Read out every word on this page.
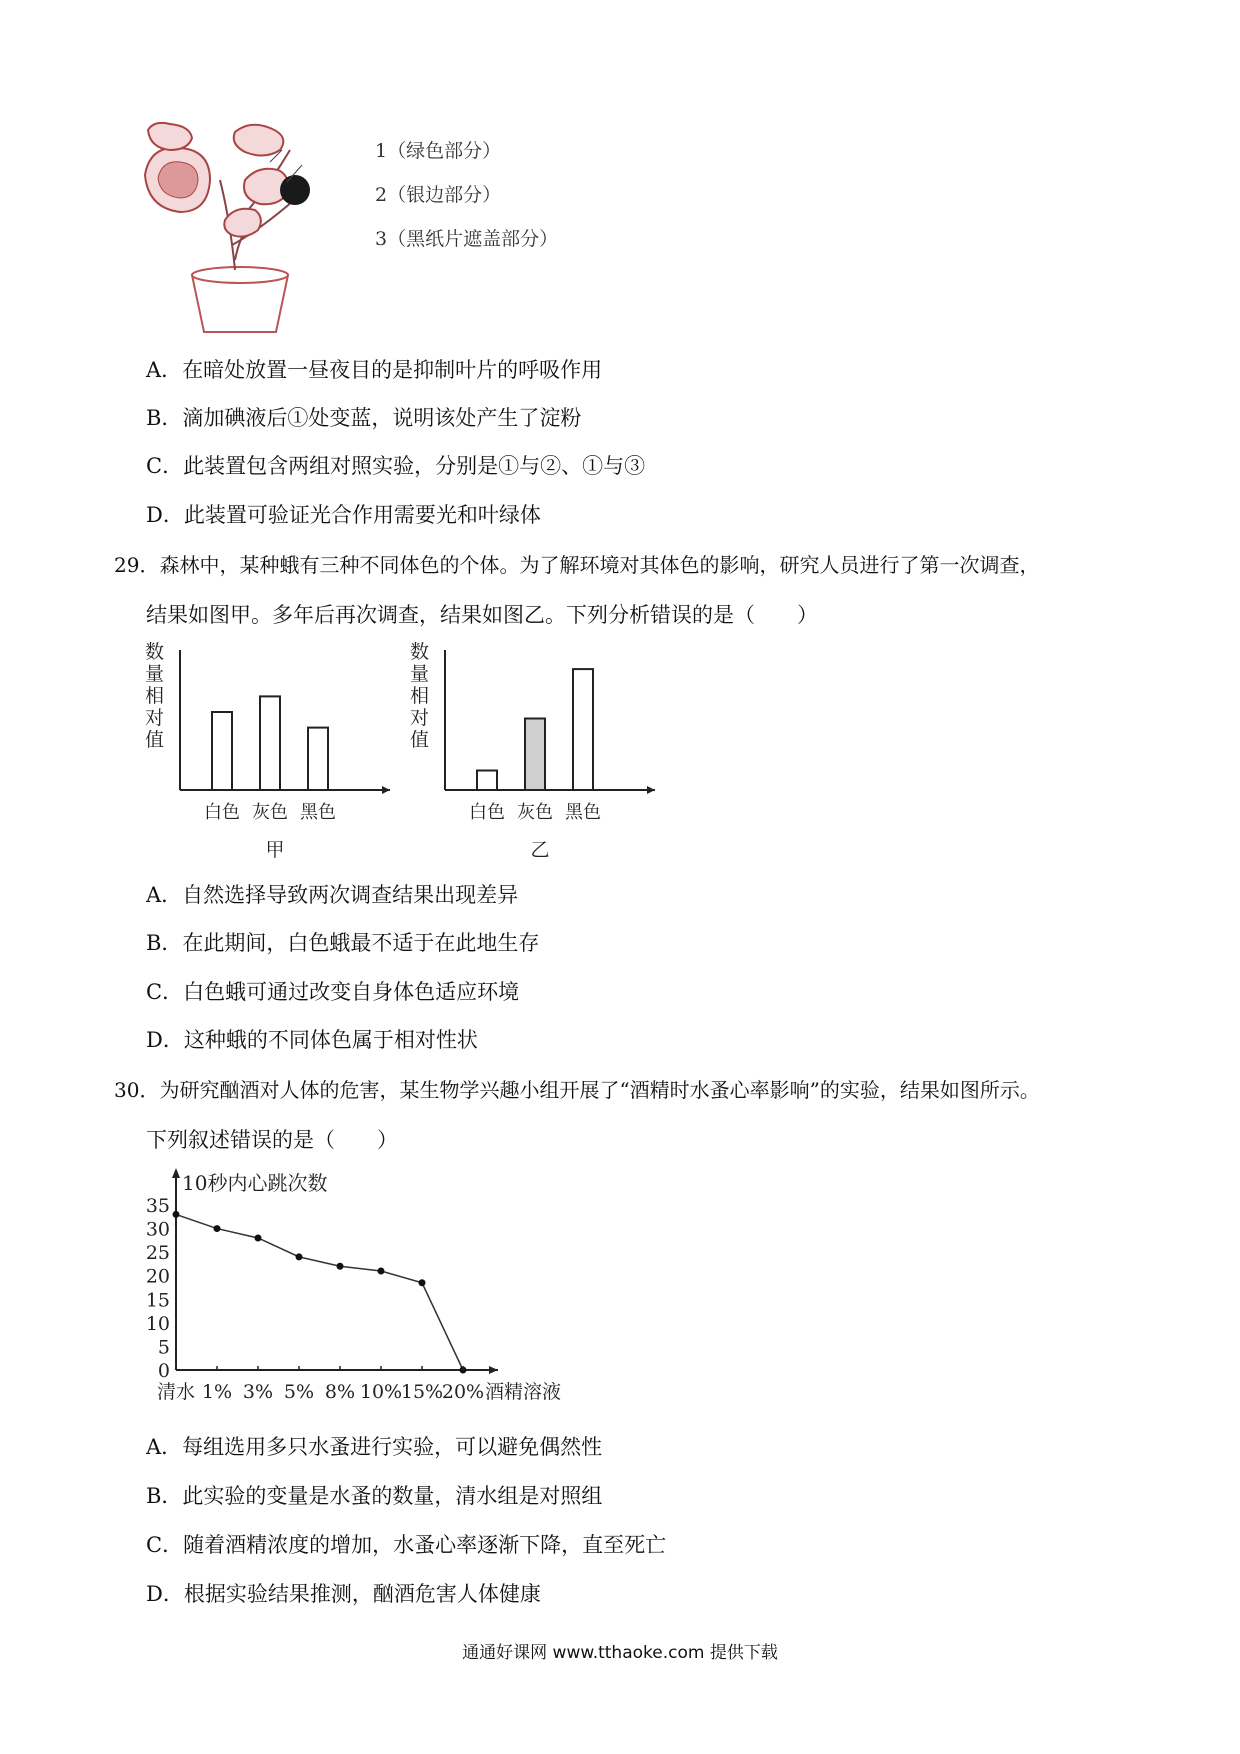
1（绿色部分）
2（银边部分）
3（黑纸片遮盖部分）
A．在暗处放置一昼夜目的是抑制叶片的呼吸作用
B．滴加碘液后①处变蓝，说明该处产生了淀粉
C．此装置包含两组对照实验，分别是①与②、①与③
D．此装置可验证光合作用需要光和叶绿体
29．森林中，某种蛾有三种不同体色的个体。为了解环境对其体色的影响，研究人员进行了第一次调查，
结果如图甲。多年后再次调查，结果如图乙。下列分析错误的是（　　）
数
量
相
对
值
白色 灰色 黑色
甲
数
量
相
对
值
白色 灰色 黑色
乙
A．自然选择导致两次调查结果出现差异
B．在此期间，白色蛾最不适于在此地生存
C．白色蛾可通过改变自身体色适应环境
D．这种蛾的不同体色属于相对性状
30．为研究酗酒对人体的危害，某生物学兴趣小组开展了“酒精时水蚤心率影响”的实验，结果如图所示。
下列叙述错误的是（　　）
10秒内心跳次数
0
5
10
15
20
25
30
35
清水 1% 3% 5% 8% 10%
15%
20% 酒精溶液
A．每组选用多只水蚤进行实验，可以避免偶然性
B．此实验的变量是水蚤的数量，清水组是对照组
C．随着酒精浓度的增加，水蚤心率逐渐下降，直至死亡
D．根据实验结果推测，酗酒危害人体健康
通通好课网 www.tthaoke.com 提供下载
